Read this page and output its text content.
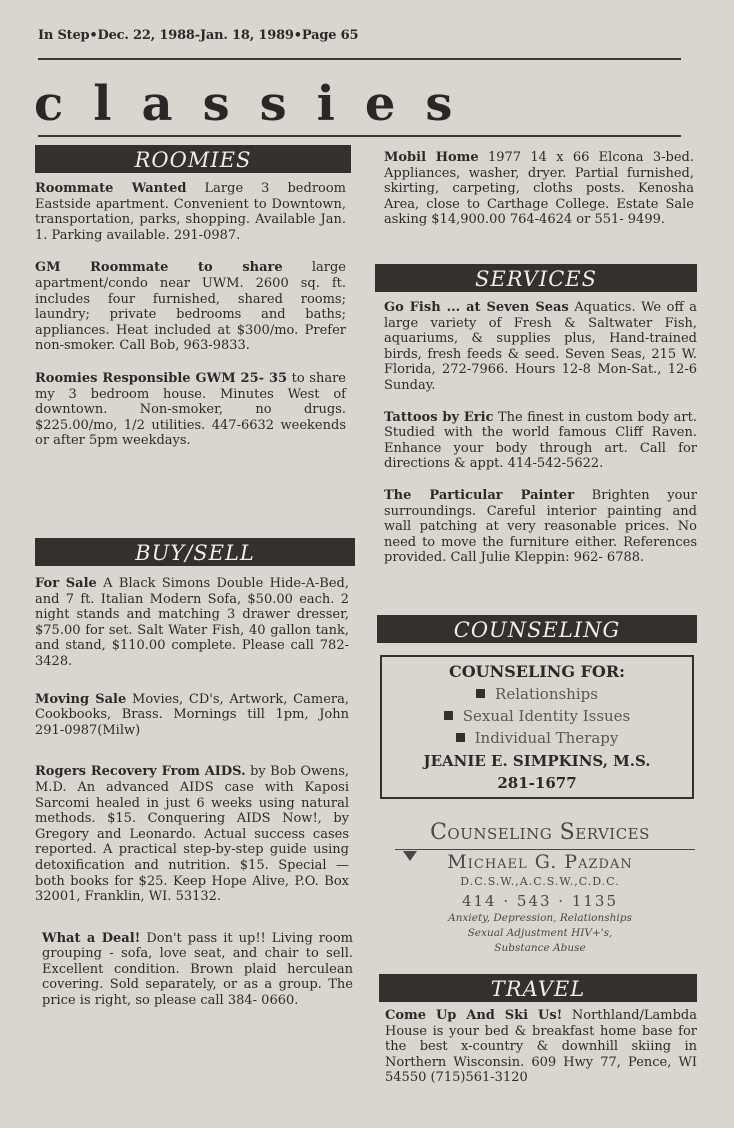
In Step•Dec. 22, 1988-Jan. 18, 1989•Page 65
classies
ROOMIES

Roommate Wanted Large 3 bedroom Eastside apartment. Convenient to Downtown, transportation, parks, shopping. Available Jan. 1. Parking available. 291-0987.

GM Roommate to share large apartment/condo near UWM. 2600 sq. ft. includes four furnished, shared rooms; laundry; private bedrooms and baths; appliances. Heat included at $300/mo. Prefer non-smoker. Call Bob, 963-9833.

Roomies Responsible GWM 25- 35 to share my 3 bedroom house. Minutes West of downtown. Non-smoker, no drugs. $225.00/mo, 1/2 utilities. 447-6632 weekends or after 5pm weekdays.

BUY/SELL

For Sale A Black Simons Double Hide-A-Bed, and 7 ft. Italian Modern Sofa, $50.00 each. 2 night stands and matching 3 drawer dresser, $75.00 for set. Salt Water Fish, 40 gallon tank, and stand, $110.00 complete. Please call 782- 3428.

Moving Sale Movies, CD's, Artwork, Camera, Cookbooks, Brass. Mornings till 1pm, John 291-0987(Milw)

Rogers Recovery From AIDS. by Bob Owens, M.D. An advanced AIDS case with Kaposi Sarcomi healed in just 6 weeks using natural methods. $15. Conquering AIDS Now!, by Gregory and Leonardo. Actual success cases reported. A practical step-by-step guide using detoxification and nutrition. $15. Special — both books for $25. Keep Hope Alive, P.O. Box 32001, Franklin, WI. 53132.

What a Deal! Don't pass it up!! Living room grouping - sofa, love seat, and chair to sell. Excellent condition. Brown plaid herculean covering. Sold separately, or as a group. The price is right, so please call 384- 0660.

Mobil Home 1977 14 x 66 Elcona 3-bed. Appliances, washer, dryer. Partial furnished, skirting, carpeting, cloths posts. Kenosha Area, close to Carthage College. Estate Sale asking $14,900.00 764-4624 or 551- 9499.

SERVICES

Go Fish ... at Seven Seas Aquatics. We off a large variety of Fresh & Saltwater Fish, aquariums, & supplies plus, Hand-trained birds, fresh feeds & seed. Seven Seas, 215 W. Florida, 272-7966. Hours 12-8 Mon-Sat., 12-6 Sunday.

Tattoos by Eric The finest in custom body art. Studied with the world famous Cliff Raven. Enhance your body through art. Call for directions & appt. 414-542-5622.

The Particular Painter Brighten your surroundings. Careful interior painting and wall patching at very reasonable prices. No need to move the furniture either. References provided. Call Julie Kleppin: 962- 6788.

COUNSELING
COUNSELING FOR:
Relationships
Sexual Identity Issues
Individual Therapy
JEANIE E. SIMPKINS, M.S.
281-1677
Counseling Services
Michael G. Pazdan
D.C.S.W.,A.C.S.W.,C.D.C.
414 · 543 · 1135
Anxiety, Depression, Relationships
Sexual Adjustment HIV+'s,
Substance Abuse
TRAVEL

Come Up And Ski Us! Northland/Lambda House is your bed & breakfast home base for the best x-country & downhill skiing in Northern Wisconsin. 609 Hwy 77, Pence, WI 54550 (715)561-3120
